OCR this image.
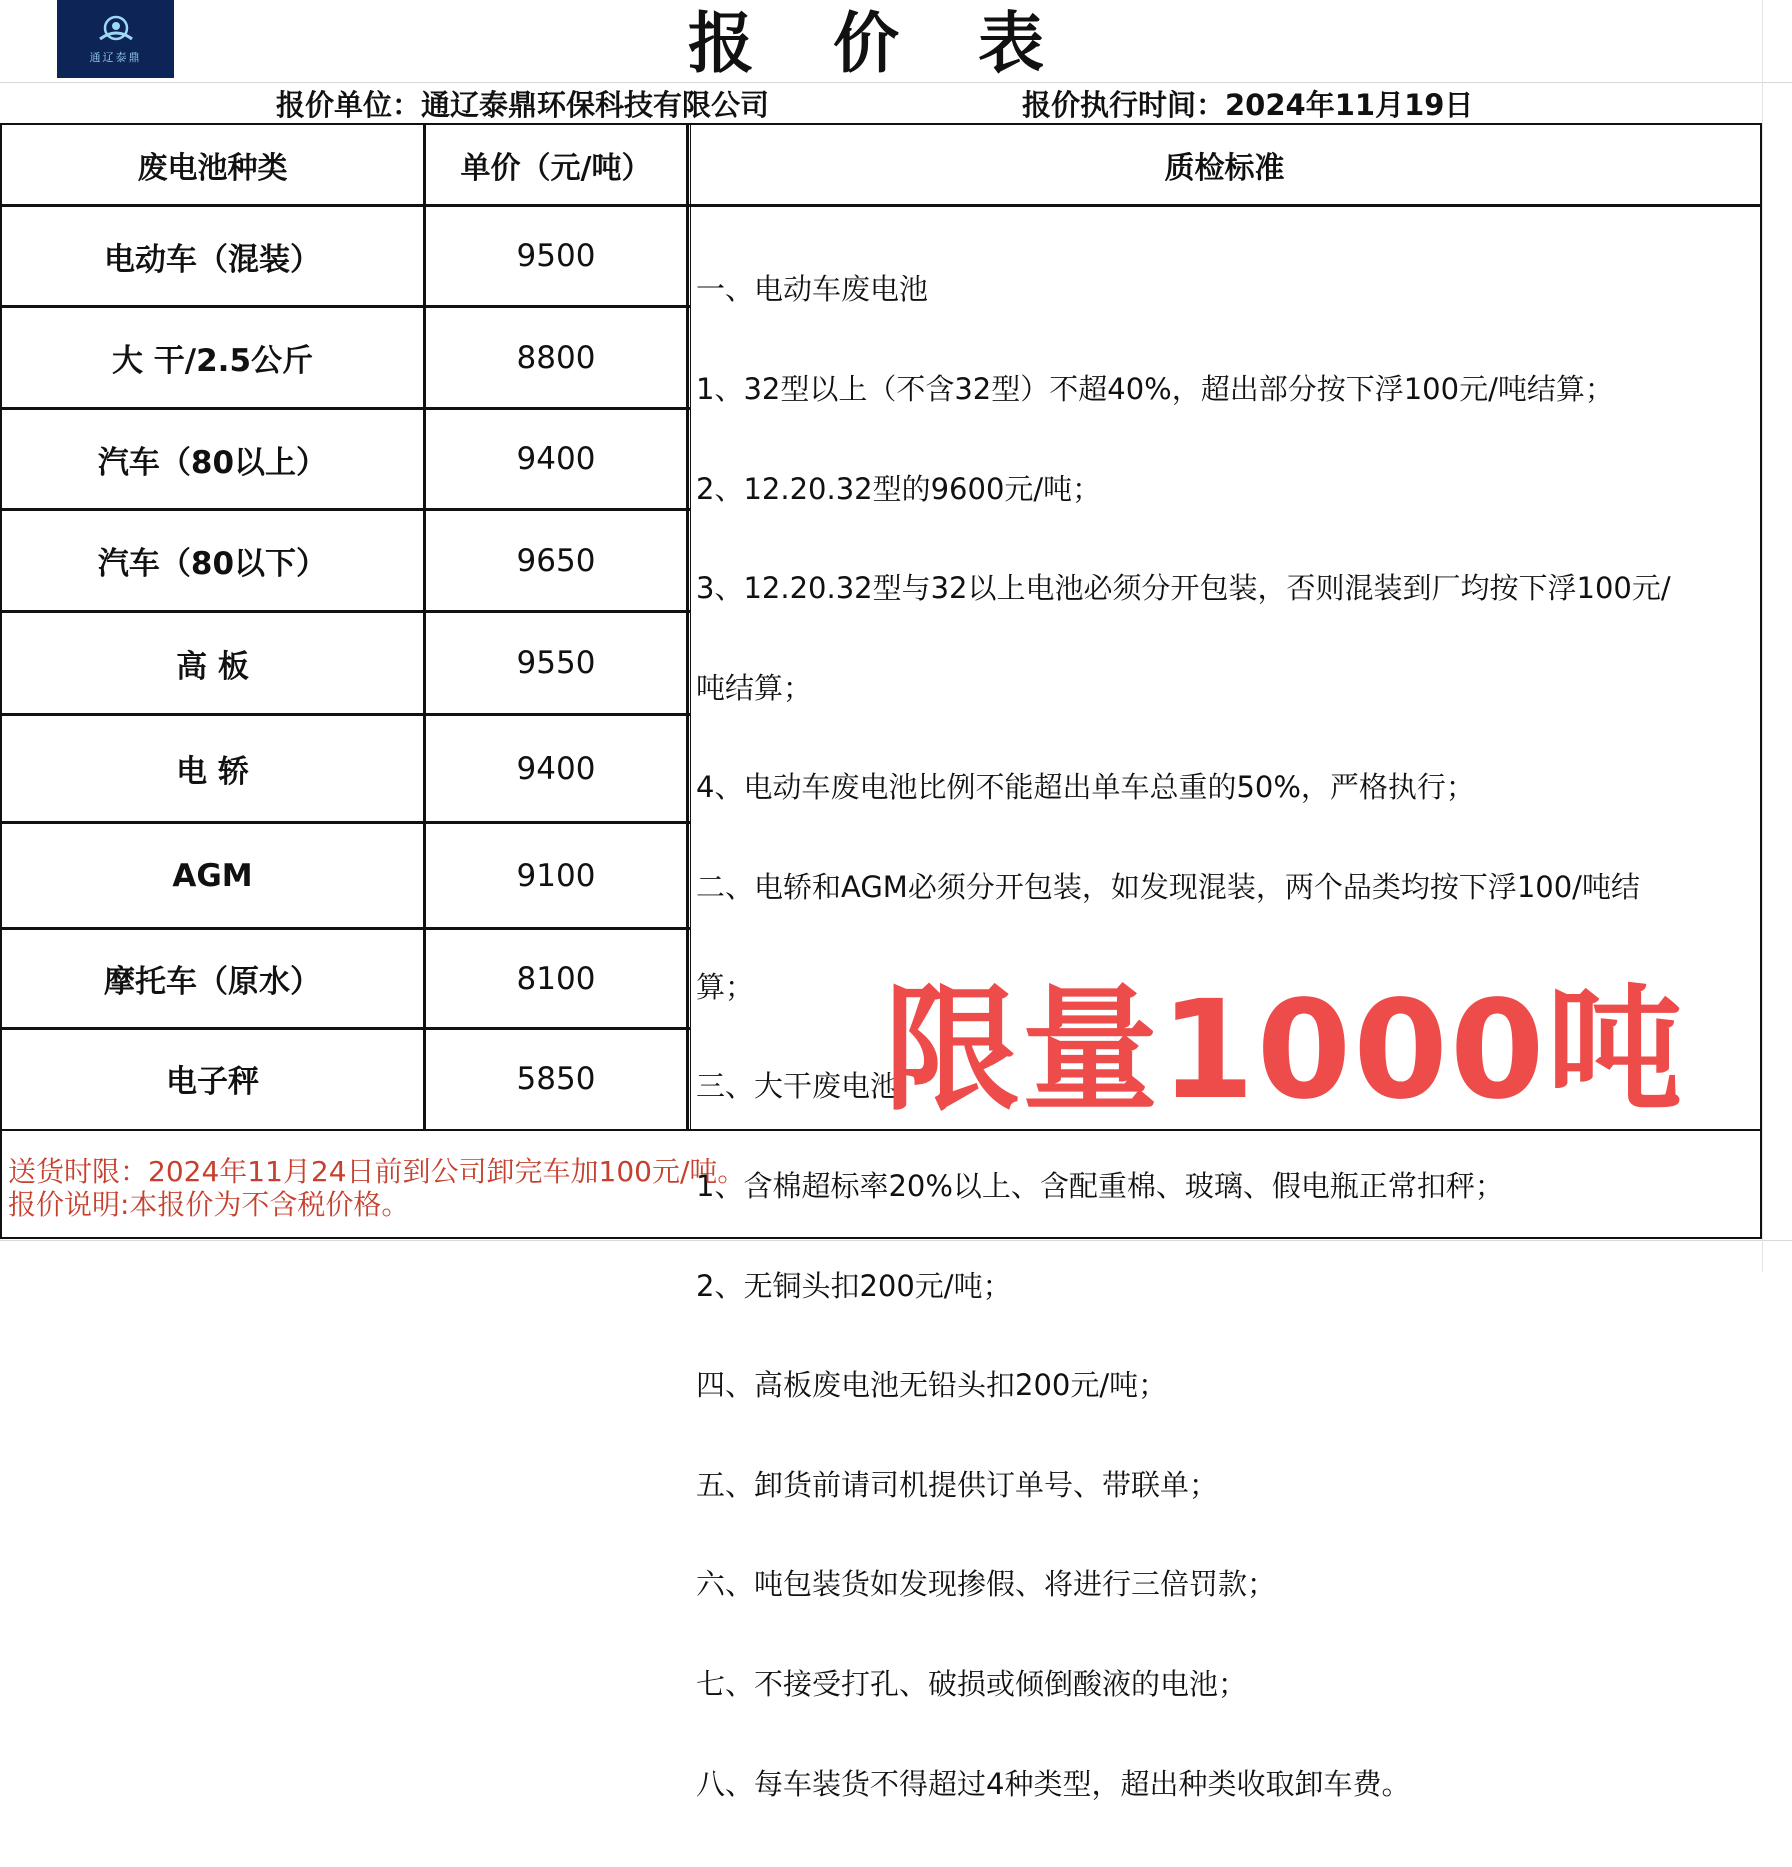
通辽泰鼎	报 价 表
报价单位：通辽泰鼎环保科技有限公司	报价执行时间：2024年11月19日
废电池种类	单价（元/吨）	质检标准
电动车（混装）	9500
大 干/2.5公斤	8800
汽车（80以上）	9400
汽车（80以下）	9650
高 板	9550
电 轿	9400
AGM	9100
摩托车（原水）	8100
电子秤	5850

一、电动车废电池

1、32型以上（不含32型）不超40%，超出部分按下浮100元/吨结算；

2、12.20.32型的9600元/吨；

3、12.20.32型与32以上电池必须分开包装，否则混装到厂均按下浮100元/

吨结算；

4、电动车废电池比例不能超出单车总重的50%，严格执行；

二、电轿和AGM必须分开包装，如发现混装，两个品类均按下浮100/吨结

算；

三、大干废电池

1、含棉超标率20%以上、含配重棉、玻璃、假电瓶正常扣秤；

2、无铜头扣200元/吨；

四、高板废电池无铅头扣200元/吨；

五、卸货前请司机提供订单号、带联单；

六、吨包装货如发现掺假、将进行三倍罚款；

七、不接受打孔、破损或倾倒酸液的电池；

八、每车装货不得超过4种类型，超出种类收取卸车费。

限量1000吨
送货时限：2024年11月24日前到公司卸完车加100元/吨。
报价说明:本报价为不含税价格。
